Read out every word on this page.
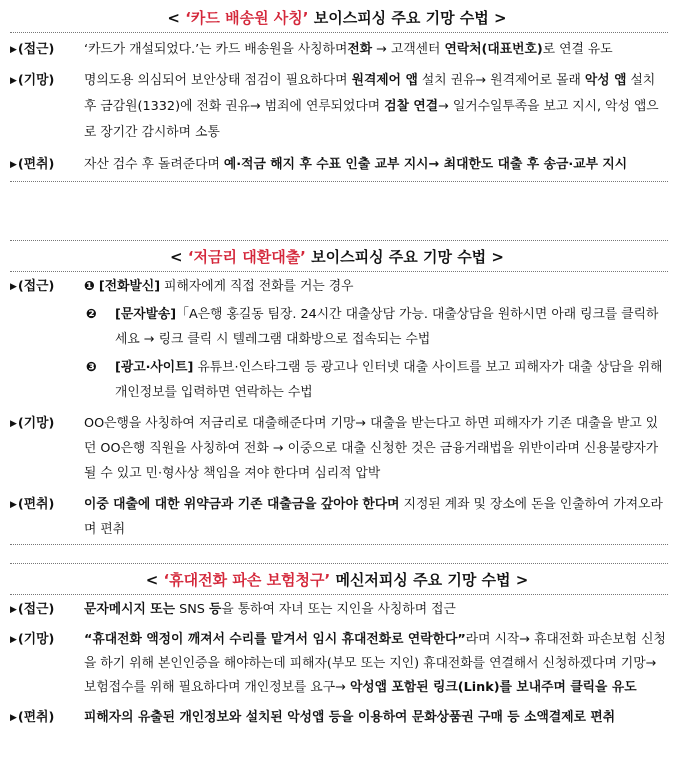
< ‘카드 배송원 사칭’ 보이스피싱 주요 기망 수법 >
▶(접근) ‘카드가 개설되었다.’는 카드 배송원을 사칭하며전화 → 고객센터 연락처(대표번호)로 연결 유도
▶(기망) 명의도용 의심되어 보안상태 점검이 필요하다며 원격제어 앱 설치 권유→ 원격제어로 몰래 악성 앱 설치 후 금감원(1332)에 전화 권유→ 범죄에 연루되었다며 검찰 연결→ 일거수일투족을 보고 지시, 악성 앱으로 장기간 감시하며 소통
▶(편취) 자산 검수 후 돌려준다며 예·적금 해지 후 수표 인출 교부 지시→ 최대한도 대출 후 송금·교부 지시
< ‘저금리 대환대출’ 보이스피싱 주요 기망 수법 >
▶(접근) ❶ [전화발신] 피해자에게 직접 전화를 거는 경우
❷ [문자발송]「A은행 홍길동 팀장. 24시간 대출상담 가능. 대출상담을 원하시면 아래 링크를 클릭하세요 → 링크 클릭 시 텔레그램 대화방으로 접속되는 수법
❸ [광고·사이트] 유튜브·인스타그램 등 광고나 인터넷 대출 사이트를 보고 피해자가 대출 상담을 위해 개인정보를 입력하면 연락하는 수법
▶(기망) OO은행을 사칭하여 저금리로 대출해준다며 기망→ 대출을 받는다고 하면 피해자가 기존 대출을 받고 있던 OO은행 직원을 사칭하여 전화 → 이중으로 대출 신청한 것은 금융거래법을 위반이라며 신용불량자가 될 수 있고 민·형사상 책임을 져야 한다며 심리적 압박
▶(편취) 이중 대출에 대한 위약금과 기존 대출금을 갚아야 한다며 지정된 계좌 및 장소에 돈을 인출하여 가져오라며 편취
< ‘휴대전화 파손 보험청구’ 메신저피싱 주요 기망 수법 >
▶(접근) 문자메시지 또는 SNS 등을 통하여 자녀 또는 지인을 사칭하며 접근
▶(기망) “휴대전화 액정이 깨져서 수리를 맡겨서 임시 휴대전화로 연락한다”라며 시작→ 휴대전화 파손보험 신청을 하기 위해 본인인증을 해야하는데 피해자(부모 또는 지인) 휴대전화를 연결해서 신청하겠다며 기망→ 보험접수를 위해 필요하다며 개인정보를 요구→ 악성앱 포함된 링크(Link)를 보내주며 클릭을 유도
▶(편취) 피해자의 유출된 개인정보와 설치된 악성앱 등을 이용하여 문화상품권 구매 등 소액결제로 편취
